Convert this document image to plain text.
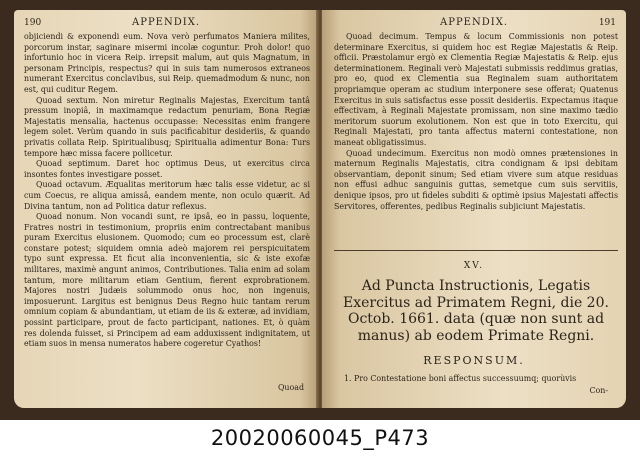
190	APPENDIX.

objiciendi & exponendi eum. Nova verò perfumatos Maniera milites, porcorum instar, saginare misermi incolæ coguntur. Proh dolor! quo infortunio hoc in vicera Reip. irrepsit malum, aut quis Magnatum, in personam Principis, respectus? qui in suis tam numerosos extraneos numerant Exercitus conclavibus, sui Reip. quemadmodum & nunc, non est, qui cuditur Regem.

Quoad sextum. Non miretur Reginalis Majestas, Exercitum tantâ pressum inopiâ, in maximamque redactum penuriam, Bona Regiæ Majestatis mensalia, hactenus occupasse: Necessitas enim frangere legem solet. Verùm quando in suis pacificabitur desideriis, & quando privatis collata Reip. Spiritualibusq; Spiritualia adimentur Bona: Turs tempore hæc missa facere pollicetur.

Quoad septimum. Daret hoc optimus Deus, ut exercitus circa insontes fontes investigare posset.

Quoad octavum. Æqualitas meritorum hæc talis esse videtur, ac si cum Coecus, re aliqua amissâ, eandem mente, non oculo quærit. Ad Divina tantum, non ad Politica datur reflexus.

Quoad nonum. Non vocandi sunt, re ipsâ, eo in passu, loquente, Fratres nostri in testimonium, propriis enim contrectabant manibus puram Exercitus elusionem. Quomodo; cum eo processum est, clarè constare potest; siquidem omnia adeò majorem rei perspicuitatem typo sunt expressa. Et ficut alia inconvenientia, sic & iste exofæ militares, maximè angunt animos, Contributiones. Talia enim ad solam tantum, more militarum etiam Gentium, fierent exprobrationem. Majores nostri Judæis solummodo onus hoc, non ingenuis, imposuerunt. Largitus est benignus Deus Regno huic tantam rerum omnium copiam & abundantiam, ut etiam de iis & exteræ, ad invidiam, possint participare, prout de facto participant, nationes. Et, ò quàm res dolenda fuisset, si Principem ad eam adduxissent indignitatem, ut etiam suos in mensa numeratos habere cogeretur Cyathos!

Quoad
APPENDIX.	191

Quoad decimum. Tempus & locum Commissionis non potest determinare Exercitus, si quidem hoc est Regiæ Majestatis & Reip. officii. Præstolamur ergò ex Clementia Regiæ Majestatis & Reip. ejus determinationem. Reginali verò Majestati submissis reddimus gratias, pro eo, quod ex Clementia sua Reginalem suam authoritatem propriamque operam ac studium interponere sese offerat; Quatenus Exercitus in suis satisfactus esse possit desideriis. Expectamus itaque effectivam, à Reginali Majestate promissam, non sine maximo tædio meritorum suorum exolutionem. Non est que in toto Exercitu, qui Reginali Majestati, pro tanta affectus materni contestatione, non maneat obligatissimus.

Quoad undecimum. Exercitus non modò omnes prætensiones in maternum Reginalis Majestatis, citra condignam & ipsi debitam observantiam, deponit sinum; Sed etiam vivere sum atque residuas non effusi adhuc sanguinis guttas, semetque cum suis servitiis, denique ipsos, pro ut fideles subditi & optimè ipsius Majestati affectis Servitores, offerentes, pedibus Reginalis subjiciunt Majestatis.

XV.
Ad Puncta Instructionis, Legatis Exercitus ad Primatem Regni, die 20. Octob. 1661. data (quæ non sunt ad manus) ab eodem Primate Regni.
RESPONSUM.
1. Pro Contestatione boni affectus successuumq; quorùvis
Con-
20020060045_P473
